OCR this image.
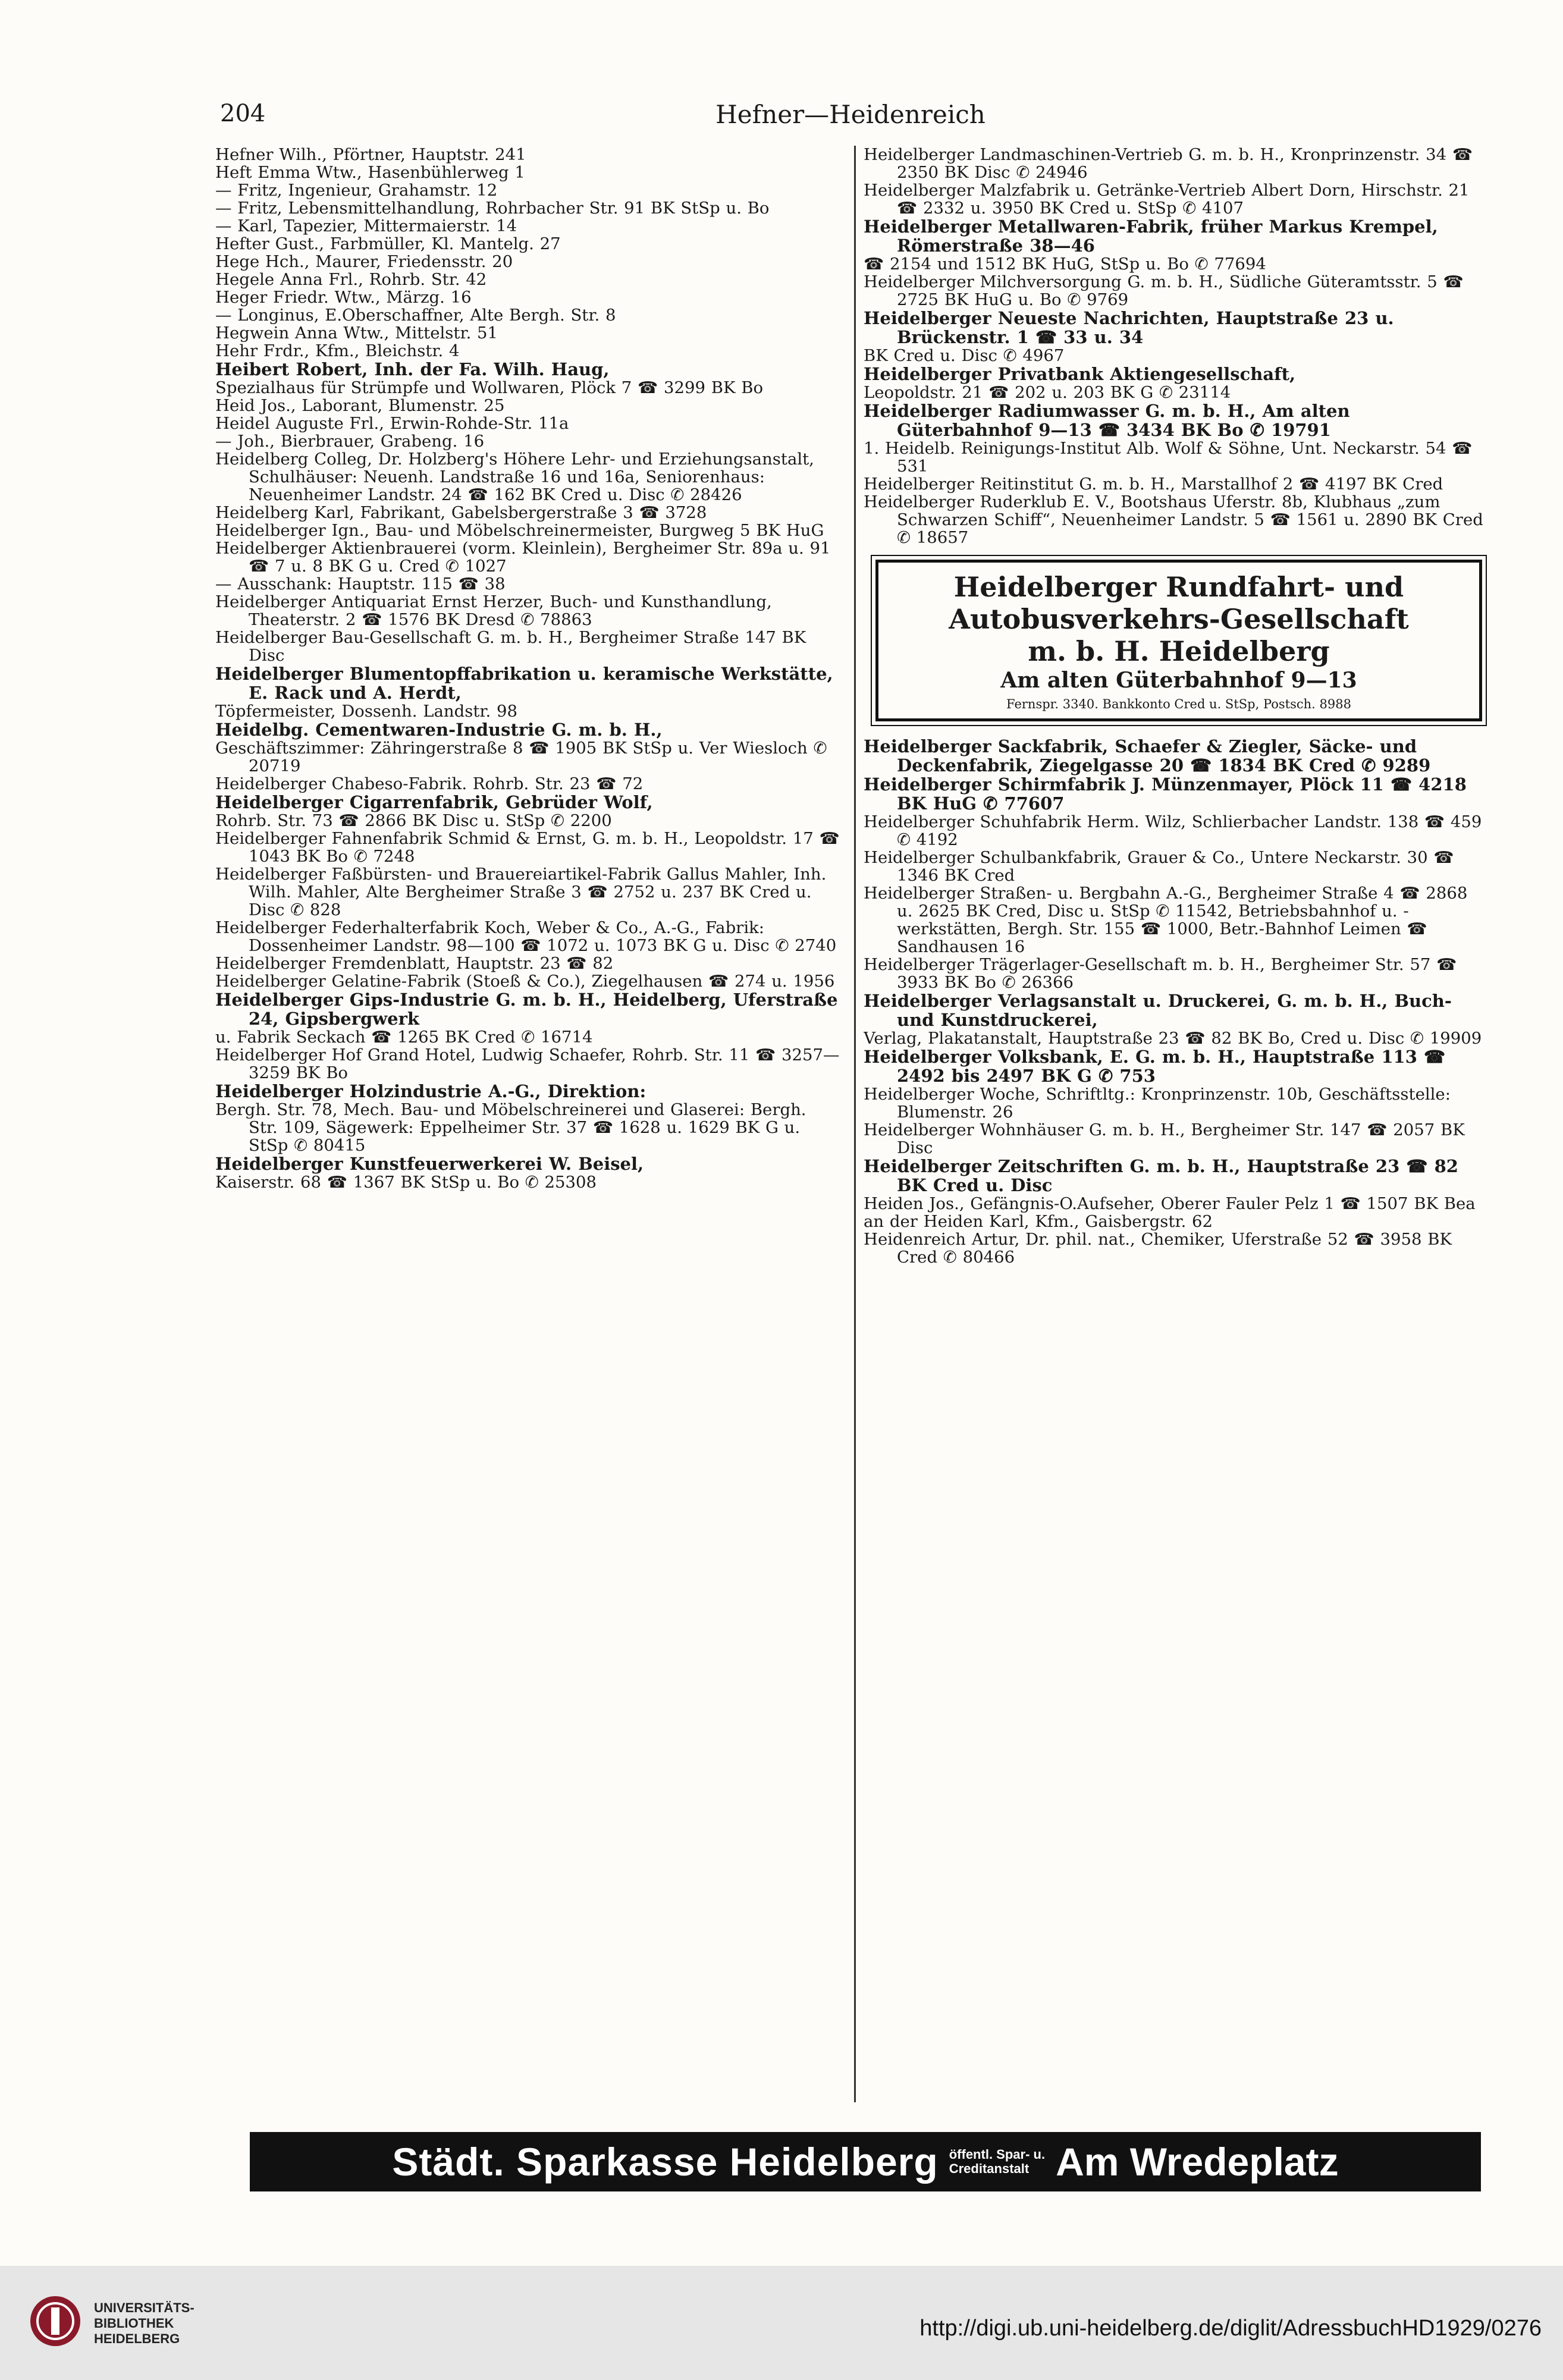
204	Hefner—Heidenreich
Hefner Wilh., Pförtner, Hauptstr. 241
Heft Emma Wtw., Hasenbühlerweg 1
— Fritz, Ingenieur, Grahamstr. 12
— Fritz, Lebensmittelhandlung, Rohrbacher Str. 91 BK StSp u. Bo
— Karl, Tapezier, Mittermaierstr. 14
Hefter Gust., Farbmüller, Kl. Mantelg. 27
Hege Hch., Maurer, Friedensstr. 20
Hegele Anna Frl., Rohrb. Str. 42
Heger Friedr. Wtw., Märzg. 16
— Longinus, E.Oberschaffner, Alte Bergh. Str. 8
Hegwein Anna Wtw., Mittelstr. 51
Hehr Frdr., Kfm., Bleichstr. 4
Heibert Robert, Inh. der Fa. Wilh. Haug,
Spezialhaus für Strümpfe und Wollwaren, Plöck 7 ☎ 3299 BK Bo
Heid Jos., Laborant, Blumenstr. 25
Heidel Auguste Frl., Erwin-Rohde-Str. 11a
— Joh., Bierbrauer, Grabeng. 16
Heidelberg Colleg, Dr. Holzberg's Höhere Lehr- und Erziehungsanstalt, Schulhäuser: Neuenh. Landstraße 16 und 16a, Seniorenhaus: Neuenheimer Landstr. 24 ☎ 162 BK Cred u. Disc ✆ 28426
Heidelberg Karl, Fabrikant, Gabelsbergerstraße 3 ☎ 3728
Heidelberger Ign., Bau- und Möbelschreinermeister, Burgweg 5 BK HuG
Heidelberger Aktienbrauerei (vorm. Kleinlein), Bergheimer Str. 89a u. 91 ☎ 7 u. 8 BK G u. Cred ✆ 1027
— Ausschank: Hauptstr. 115 ☎ 38
Heidelberger Antiquariat Ernst Herzer, Buch- und Kunsthandlung, Theaterstr. 2 ☎ 1576 BK Dresd ✆ 78863
Heidelberger Bau-Gesellschaft G. m. b. H., Bergheimer Straße 147 BK Disc
Heidelberger Blumentopffabrikation u. keramische Werkstätte, E. Rack und A. Herdt,
Töpfermeister, Dossenh. Landstr. 98
Heidelbg. Cementwaren-Industrie G. m. b. H.,
Geschäftszimmer: Zähringerstraße 8 ☎ 1905 BK StSp u. Ver Wiesloch ✆ 20719
Heidelberger Chabeso-Fabrik. Rohrb. Str. 23 ☎ 72
Heidelberger Cigarrenfabrik, Gebrüder Wolf,
Rohrb. Str. 73 ☎ 2866 BK Disc u. StSp ✆ 2200
Heidelberger Fahnenfabrik Schmid & Ernst, G. m. b. H., Leopoldstr. 17 ☎ 1043 BK Bo ✆ 7248
Heidelberger Faßbürsten- und Brauereiartikel-Fabrik Gallus Mahler, Inh. Wilh. Mahler, Alte Bergheimer Straße 3 ☎ 2752 u. 237 BK Cred u. Disc ✆ 828
Heidelberger Federhalterfabrik Koch, Weber & Co., A.-G., Fabrik: Dossenheimer Landstr. 98—100 ☎ 1072 u. 1073 BK G u. Disc ✆ 2740
Heidelberger Fremdenblatt, Hauptstr. 23 ☎ 82
Heidelberger Gelatine-Fabrik (Stoeß & Co.), Ziegelhausen ☎ 274 u. 1956
Heidelberger Gips-Industrie G. m. b. H., Heidelberg, Uferstraße 24, Gipsbergwerk
u. Fabrik Seckach ☎ 1265 BK Cred ✆ 16714
Heidelberger Hof Grand Hotel, Ludwig Schaefer, Rohrb. Str. 11 ☎ 3257—3259 BK Bo
Heidelberger Holzindustrie A.-G., Direktion:
Bergh. Str. 78, Mech. Bau- und Möbelschreinerei und Glaserei: Bergh. Str. 109, Sägewerk: Eppelheimer Str. 37 ☎ 1628 u. 1629 BK G u. StSp ✆ 80415
Heidelberger Kunstfeuerwerkerei W. Beisel,
Kaiserstr. 68 ☎ 1367 BK StSp u. Bo ✆ 25308
Heidelberger Landmaschinen-Vertrieb G. m. b. H., Kronprinzenstr. 34 ☎ 2350 BK Disc ✆ 24946
Heidelberger Malzfabrik u. Getränke-Vertrieb Albert Dorn, Hirschstr. 21 ☎ 2332 u. 3950 BK Cred u. StSp ✆ 4107
Heidelberger Metallwaren-Fabrik, früher Markus Krempel, Römerstraße 38—46
☎ 2154 und 1512 BK HuG, StSp u. Bo ✆ 77694
Heidelberger Milchversorgung G. m. b. H., Südliche Güteramtsstr. 5 ☎ 2725 BK HuG u. Bo ✆ 9769
Heidelberger Neueste Nachrichten, Hauptstraße 23 u. Brückenstr. 1 ☎ 33 u. 34
BK Cred u. Disc ✆ 4967
Heidelberger Privatbank Aktiengesellschaft,
Leopoldstr. 21 ☎ 202 u. 203 BK G ✆ 23114
Heidelberger Radiumwasser G. m. b. H., Am alten Güterbahnhof 9—13 ☎ 3434 BK Bo ✆ 19791
1. Heidelb. Reinigungs-Institut Alb. Wolf & Söhne, Unt. Neckarstr. 54 ☎ 531
Heidelberger Reitinstitut G. m. b. H., Marstallhof 2 ☎ 4197 BK Cred
Heidelberger Ruderklub E. V., Bootshaus Uferstr. 8b, Klubhaus „zum Schwarzen Schiff“, Neuenheimer Landstr. 5 ☎ 1561 u. 2890 BK Cred ✆ 18657
Heidelberger Rundfahrt- und
Autobusverkehrs-Gesellschaft
m. b. H. Heidelberg
Am alten Güterbahnhof 9—13
Fernspr. 3340. Bankkonto Cred u. StSp, Postsch. 8988
Heidelberger Sackfabrik, Schaefer & Ziegler, Säcke- und Deckenfabrik, Ziegelgasse 20 ☎ 1834 BK Cred ✆ 9289
Heidelberger Schirmfabrik J. Münzenmayer, Plöck 11 ☎ 4218 BK HuG ✆ 77607
Heidelberger Schuhfabrik Herm. Wilz, Schlierbacher Landstr. 138 ☎ 459 ✆ 4192
Heidelberger Schulbankfabrik, Grauer & Co., Untere Neckarstr. 30 ☎ 1346 BK Cred
Heidelberger Straßen- u. Bergbahn A.-G., Bergheimer Straße 4 ☎ 2868 u. 2625 BK Cred, Disc u. StSp ✆ 11542, Betriebsbahnhof u. -werkstätten, Bergh. Str. 155 ☎ 1000, Betr.-Bahnhof Leimen ☎ Sandhausen 16
Heidelberger Trägerlager-Gesellschaft m. b. H., Bergheimer Str. 57 ☎ 3933 BK Bo ✆ 26366
Heidelberger Verlagsanstalt u. Druckerei, G. m. b. H., Buch- und Kunstdruckerei,
Verlag, Plakatanstalt, Hauptstraße 23 ☎ 82 BK Bo, Cred u. Disc ✆ 19909
Heidelberger Volksbank, E. G. m. b. H., Hauptstraße 113 ☎ 2492 bis 2497 BK G ✆ 753
Heidelberger Woche, Schriftltg.: Kronprinzenstr. 10b, Geschäftsstelle: Blumenstr. 26
Heidelberger Wohnhäuser G. m. b. H., Bergheimer Str. 147 ☎ 2057 BK Disc
Heidelberger Zeitschriften G. m. b. H., Hauptstraße 23 ☎ 82 BK Cred u. Disc
Heiden Jos., Gefängnis-O.Aufseher, Oberer Fauler Pelz 1 ☎ 1507 BK Bea
an der Heiden Karl, Kfm., Gaisbergstr. 62
Heidenreich Artur, Dr. phil. nat., Chemiker, Uferstraße 52 ☎ 3958 BK Cred ✆ 80466
Städt. Sparkasse Heidelberg öffentl. Spar- u.
Creditanstalt Am Wredeplatz
UNIVERSITÄTS-
BIBLIOTHEK
HEIDELBERG	http://digi.ub.uni-heidelberg.de/diglit/AdressbuchHD1929/0276
